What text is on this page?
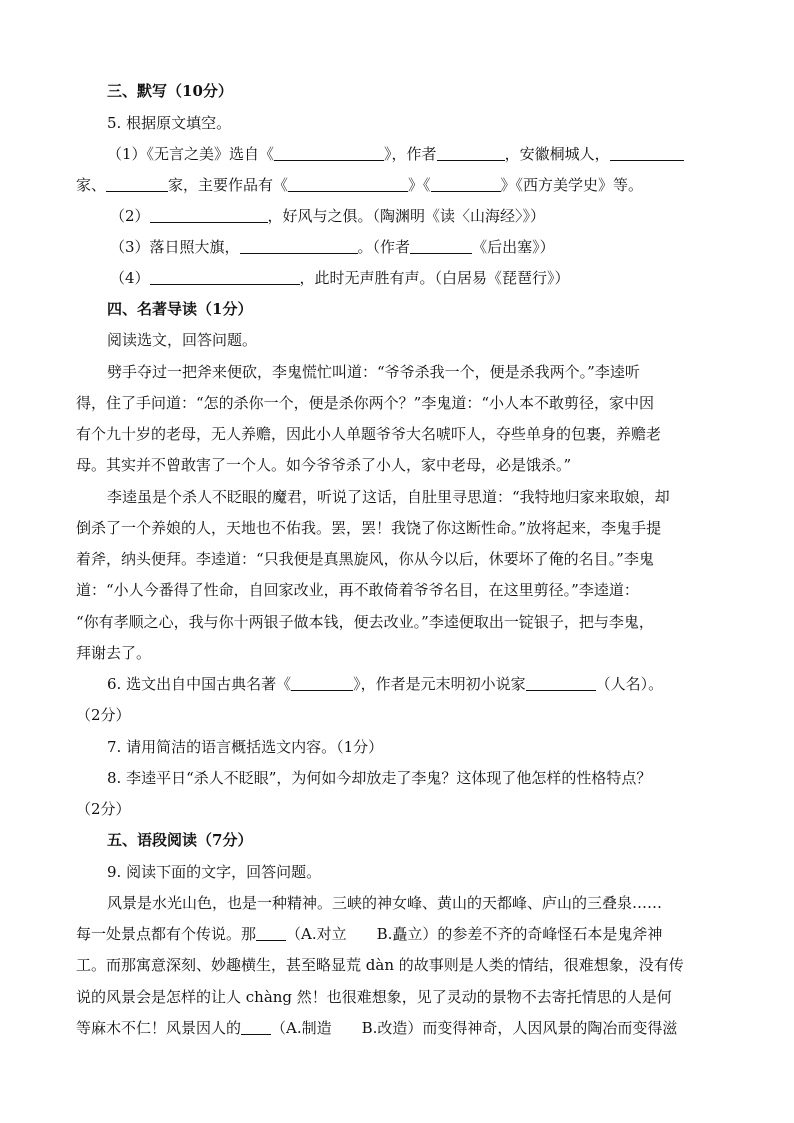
三、默写（10分）
5. 根据原文填空。
（1）《无言之美》选自《	》，作者	，安徽桐城人，
家、	家，主要作品有《	》《	》《西方美学史》等。
（2）	，好风与之俱。（陶渊明《读〈山海经〉》）
（3）落日照大旗，	。（作者	《后出塞》）
（4）	，此时无声胜有声。（白居易《琵琶行》）
四、名著导读（1分）
阅读选文，回答问题。
劈手夺过一把斧来便砍，李鬼慌忙叫道：“爷爷杀我一个，便是杀我两个。”李逵听
得，住了手问道：“怎的杀你一个，便是杀你两个？”李鬼道：“小人本不敢剪径，家中因
有个九十岁的老母，无人养赡，因此小人单题爷爷大名唬吓人，夺些单身的包裹，养赡老
母。其实并不曾敢害了一个人。如今爷爷杀了小人，家中老母，必是饿杀。”
李逵虽是个杀人不眨眼的魔君，听说了这话，自肚里寻思道：“我特地归家来取娘，却
倒杀了一个养娘的人，天地也不佑我。罢，罢！我饶了你这断性命。”放将起来，李鬼手提
着斧，纳头便拜。李逵道：“只我便是真黑旋风，你从今以后，休要坏了俺的名目。”李鬼
道：“小人今番得了性命，自回家改业，再不敢倚着爷爷名目，在这里剪径。”李逵道：
“你有孝顺之心，我与你十两银子做本钱，便去改业。”李逵便取出一锭银子，把与李鬼，
拜谢去了。
6. 选文出自中国古典名著《	》，作者是元末明初小说家	（人名）。
（2分）
7. 请用简洁的语言概括选文内容。（1分）
8. 李逵平日“杀人不眨眼”，为何如今却放走了李鬼？这体现了他怎样的性格特点？
（2分）
五、语段阅读（7分）
9. 阅读下面的文字，回答问题。
风景是水光山色，也是一种精神。三峡的神女峰、黄山的天都峰、庐山的三叠泉……
每一处景点都有个传说。那 （A.对立　　B.矗立）的参差不齐的奇峰怪石本是鬼斧神
工。而那寓意深刻、妙趣横生，甚至略显荒 dàn 的故事则是人类的情结，很难想象，没有传
说的风景会是怎样的让人 chàng 然！也很难想象，见了灵动的景物不去寄托情思的人是何
等麻木不仁！风景因人的 （A.制造　　B.改造）而变得神奇，人因风景的陶冶而变得滋
